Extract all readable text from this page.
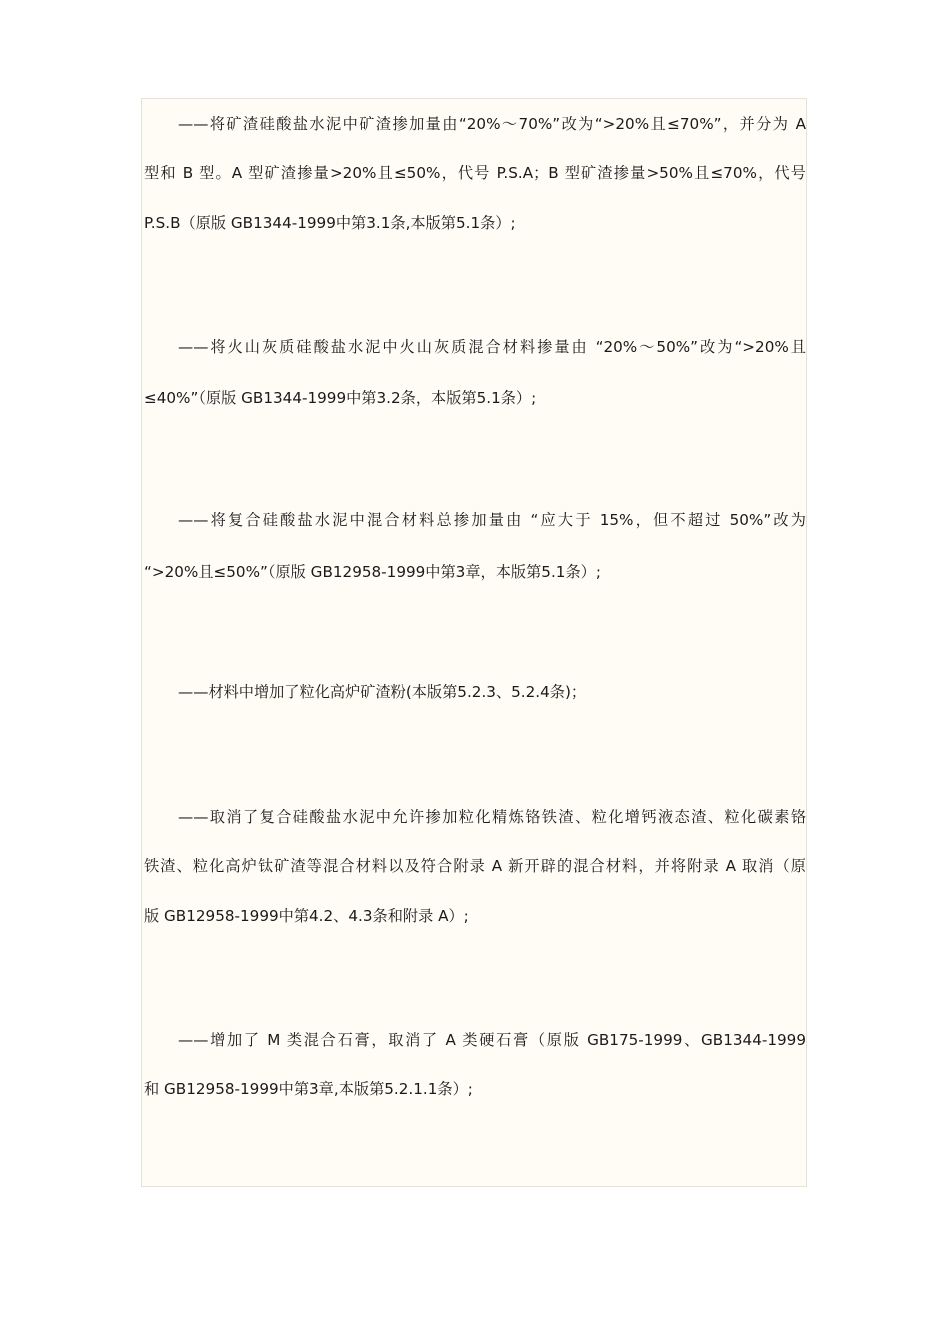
——将矿渣硅酸盐水泥中矿渣掺加量由“20%～70%”改为“>20%且≤70%”，并分为 A
型和 B 型。A 型矿渣掺量>20%且≤50%，代号 P.S.A；B 型矿渣掺量>50%且≤70%，代号
P.S.B（原版 GB1344-1999中第3.1条,本版第5.1条）;
——将火山灰质硅酸盐水泥中火山灰质混合材料掺量由 “20%～50%”改为“>20%且
≤40%”（原版 GB1344-1999中第3.2条，本版第5.1条）;
——将复合硅酸盐水泥中混合材料总掺加量由 “应大于 15%，但不超过 50%”改为
“>20%且≤50%”（原版 GB12958-1999中第3章，本版第5.1条）;
——材料中增加了粒化高炉矿渣粉(本版第5.2.3、5.2.4条)；
——取消了复合硅酸盐水泥中允许掺加粒化精炼铬铁渣、粒化增钙液态渣、粒化碳素铬
铁渣、粒化高炉钛矿渣等混合材料以及符合附录 A 新开辟的混合材料，并将附录 A 取消（原
版 GB12958-1999中第4.2、4.3条和附录 A）;
——增加了 M 类混合石膏，取消了 A 类硬石膏（原版 GB175-1999、GB1344-1999
和 GB12958-1999中第3章,本版第5.2.1.1条）;
